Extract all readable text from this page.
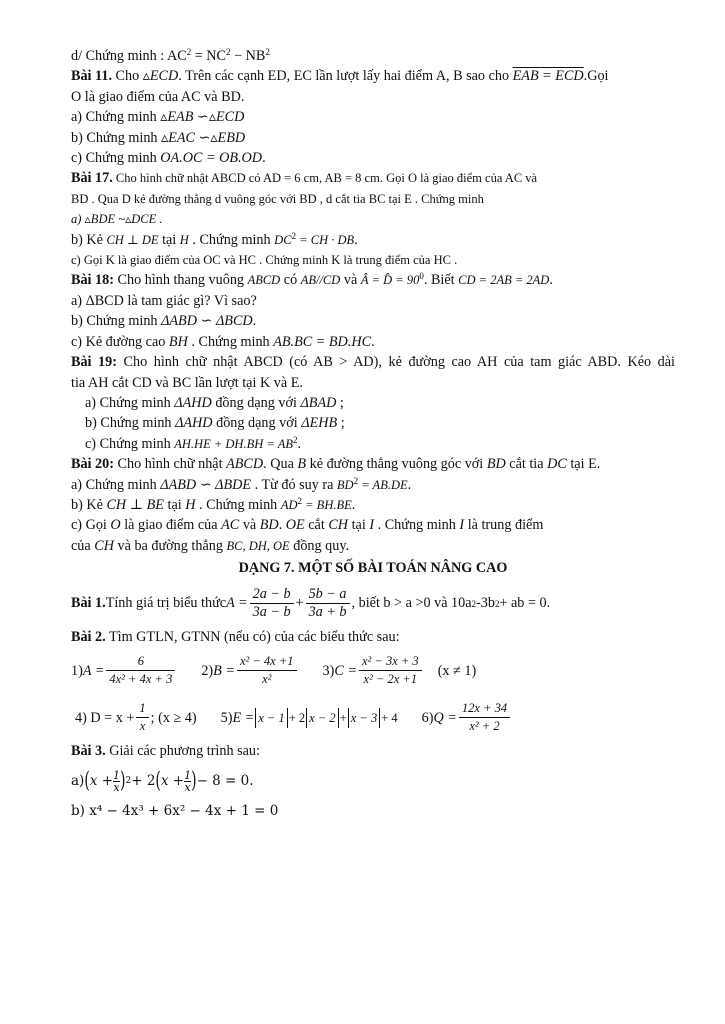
d/ Chứng minh : $AC^2 = NC^2 - NB^2$
Bài 11. Cho ▵ECD. Trên các cạnh ED, EC lần lượt lấy hai điểm A, B sao cho EAB = ECD.Gọi
O là giao điểm của AC và BD.
a) Chứng minh ▵EAB ∽▵ECD
b) Chứng minh ▵EAC ∽▵EBD
c) Chứng minh OA.OC = OB.OD.
Bài 17. Cho hình chữ nhật ABCD có AD = 6 cm, AB = 8 cm. Gọi O là giao điểm của AC và
BD . Qua D kẻ đường thẳng d vuông góc với BD , d cắt tia BC tại E . Chứng minh
a) ▵BDE ~▵DCE .
b) Kẻ CH ⊥ DE tại H . Chứng minh $DC^2$ = CH · DB.
c) Gọi K là giao điểm của OC và HC . Chứng minh K là trung điểm của HC .
Bài 18: Cho hình thang vuông ABCD có AB//CD và Â = D̂ = $90^0$. Biết CD = 2AB = 2AD.
a) ΔBCD là tam giác gì? Vì sao?
b) Chứng minh ΔABD ∽ ΔBCD.
c) Kẻ đường cao BH . Chứng minh AB.BC = BD.HC.
Bài 19: Cho hình chữ nhật ABCD (có AB > AD), kẻ đường cao AH của tam giác ABD. Kéo dài
tia AH cắt CD và BC lần lượt tại K và E.
a) Chứng minh ΔAHD đồng dạng với ΔBAD ;
b) Chứng minh ΔAHD đồng dạng với ΔEHB ;
c) Chứng minh $AH.HE + DH.BH = AB^2$.
Bài 20: Cho hình chữ nhật ABCD. Qua B kẻ đường thẳng vuông góc với BD cắt tia DC tại E.
a) Chứng minh ΔABD ∽ ΔBDE . Từ đó suy ra $BD^2 = AB.DE$.
b) Kẻ CH ⊥ BE tại H . Chứng minh $AD^2 = BH.BE$.
c) Gọi O là giao điểm của AC và BD. OE cắt CH tại I . Chứng minh I là trung điểm
của CH và ba đường thẳng BC, DH, OE đồng quy.
DẠNG 7. MỘT SỐ BÀI TOÁN NÂNG CAO
Bài 1. Tính giá trị biểu thức $A = \frac{2a - b}{3a - b} + \frac{5b - a}{3a + b}$ , biết b > a >0 và 10a 2 -3b 2 + ab = 0.
Bài 2. Tìm GTLN, GTNN (nếu có) của các biểu thức sau:
1) $A = \frac{6}{\text{4x² + 4x + 3}} 2$) $B = \frac{\text{x² − 4x +1}}{\text{x²}} 3$) $C = \frac{\text{x² − 3x + 3}}{\text{x² − 2x +1}} (x \ne 1)$
4) $D = x + \frac{1}{x}$ ; (x ≥ 4) 5) E = x − 1 + 2 x − 2 + x − 3 + 4 6) $Q = \frac{12x + 34}{\text{x² + 2}}$
Bài 3. Giải các phương trình sau:
a) ( $x + \frac{1}{x}$ ) 2 + 2 ( $x + \frac{1}{x}$ ) − 8 = 0.
b) x⁴ − 4x³ + 6x² − 4x + 1 = 0
